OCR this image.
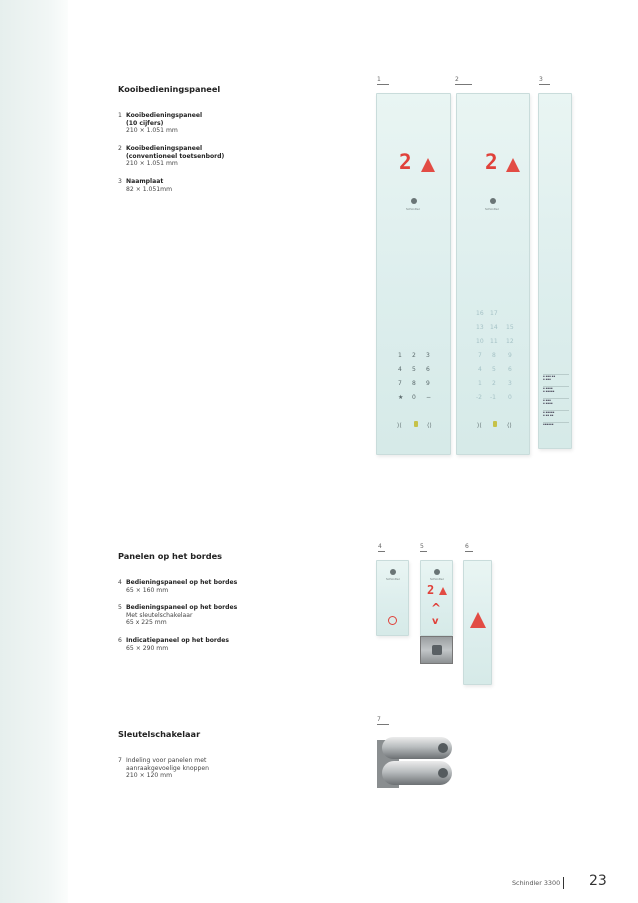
Kooibedieningspaneel
1 Kooibedieningspaneel
(10 cijfers)
210 × 1.051 mm
2 Kooibedieningspaneel
(conventioneel toetsenbord)
210 × 1.051 mm
3 Naamplaat
82 × 1.051mm
Panelen op het bordes
4 Bedieningspaneel op het bordes
65 × 160 mm
5 Bedieningspaneel op het bordes
Met sleutelschakelaar
65 x 225 mm
6 Indicatiepaneel op het bordes
65 × 290 mm
Sleutelschakelaar
7 Indeling voor panelen met
aanraakgevoelige knoppen
210 × 120 mm
1	2	3
4	5	6
7
2
Schindler
1 2 3
4 5 6
7 8 9
★ 0 −
⟩⟨	⟨⟩
2
Schindler
16 17
13 14 15
10 11 12
7 8 9
4 5 6
1 2 3
-2 -1 0
⟩⟨	⟨⟩
▪ ▪▪▪ ▪▪
▪ ▪▪▪
▪ ▪▪▪▪
▪ ▪▪▪▪▪
▪ ▪▪▪
▪ ▪▪▪▪
▪ ▪▪▪▪▪
▪ ▪▪ ▪▪
▪▪▪▪▪▪
Schindler	Schindler
2
^
v
Schindler 3300 23
